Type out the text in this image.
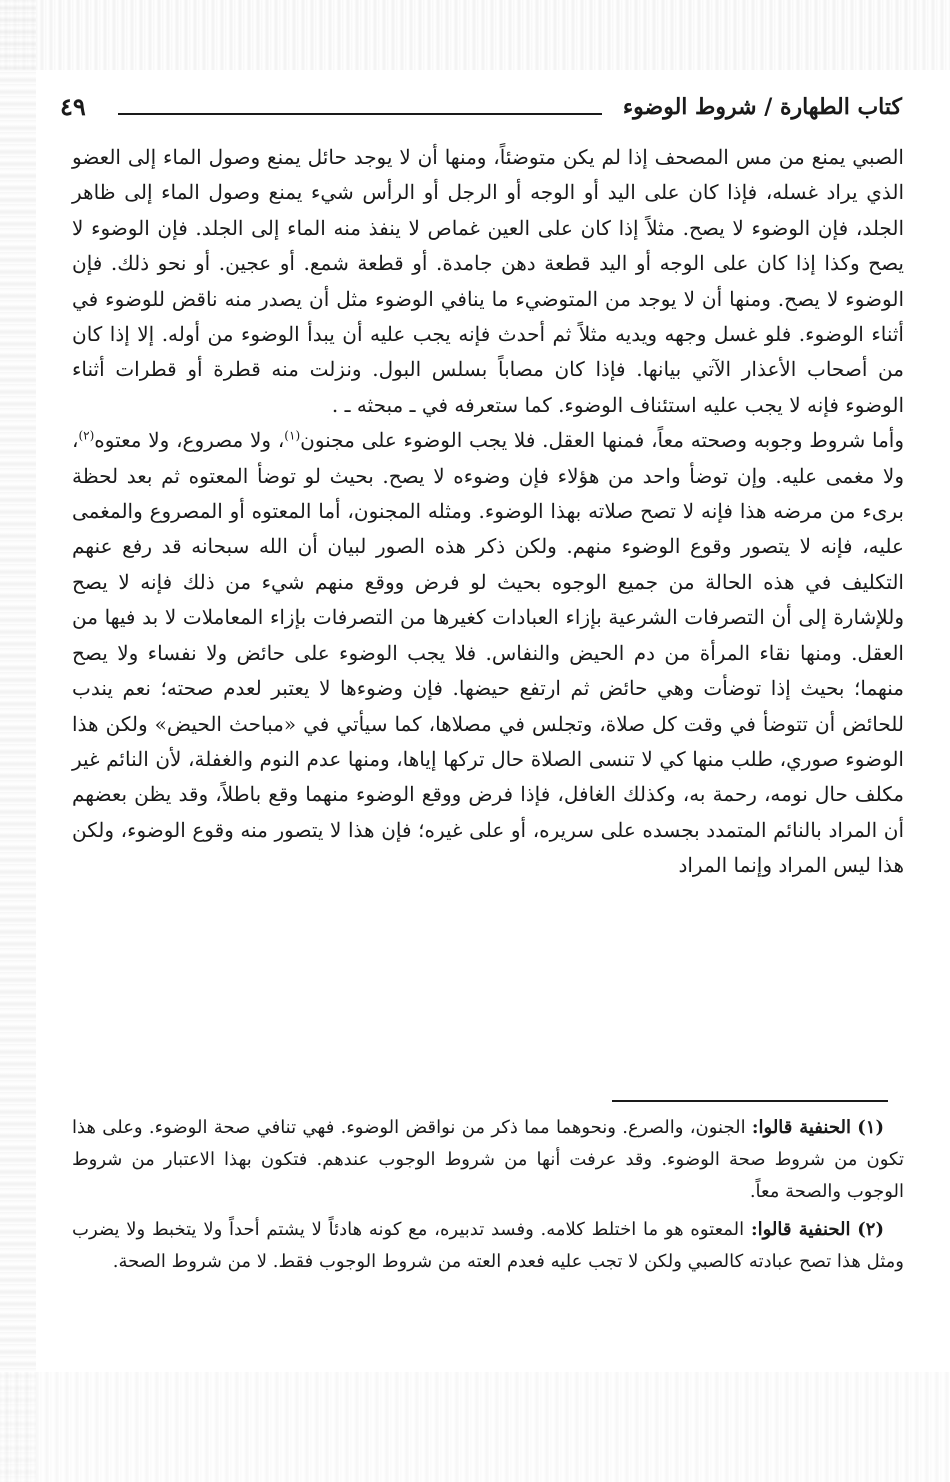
كتاب الطهارة / شروط الوضوء
٤٩

الصبي يمنع من مس المصحف إذا لم يكن متوضئاً، ومنها أن لا يوجد حائل يمنع وصول الماء إلى العضو الذي يراد غسله، فإذا كان على اليد أو الوجه أو الرجل أو الرأس شيء يمنع وصول الماء إلى ظاهر الجلد، فإن الوضوء لا يصح. مثلاً إذا كان على العين غماص لا ينفذ منه الماء إلى الجلد. فإن الوضوء لا يصح وكذا إذا كان على الوجه أو اليد قطعة دهن جامدة. أو قطعة شمع. أو عجين. أو نحو ذلك. فإن الوضوء لا يصح. ومنها أن لا يوجد من المتوضيء ما ينافي الوضوء مثل أن يصدر منه ناقض للوضوء في أثناء الوضوء. فلو غسل وجهه ويديه مثلاً ثم أحدث فإنه يجب عليه أن يبدأ الوضوء من أوله. إلا إذا كان من أصحاب الأعذار الآتي بيانها. فإذا كان مصاباً بسلس البول. ونزلت منه قطرة أو قطرات أثناء الوضوء فإنه لا يجب عليه استئناف الوضوء. كما ستعرفه في ـ مبحثه ـ .

وأما شروط وجوبه وصحته معاً، فمنها العقل. فلا يجب الوضوء على مجنون$^{(١)}$، ولا مصروع، ولا معتوه$^{(٢)}$، ولا مغمى عليه. وإن توضأ واحد من هؤلاء فإن وضوءه لا يصح. بحيث لو توضأ المعتوه ثم بعد لحظة برىء من مرضه هذا فإنه لا تصح صلاته بهذا الوضوء. ومثله المجنون، أما المعتوه أو المصروع والمغمى عليه، فإنه لا يتصور وقوع الوضوء منهم. ولكن ذكر هذه الصور لبيان أن الله سبحانه قد رفع عنهم التكليف في هذه الحالة من جميع الوجوه بحيث لو فرض ووقع منهم شيء من ذلك فإنه لا يصح وللإشارة إلى أن التصرفات الشرعية بإزاء العبادات كغيرها من التصرفات بإزاء المعاملات لا بد فيها من العقل. ومنها نقاء المرأة من دم الحيض والنفاس. فلا يجب الوضوء على حائض ولا نفساء ولا يصح منهما؛ بحيث إذا توضأت وهي حائض ثم ارتفع حيضها. فإن وضوءها لا يعتبر لعدم صحته؛ نعم يندب للحائض أن تتوضأ في وقت كل صلاة، وتجلس في مصلاها، كما سيأتي في «مباحث الحيض» ولكن هذا الوضوء صوري، طلب منها كي لا تنسى الصلاة حال تركها إياها، ومنها عدم النوم والغفلة، لأن النائم غير مكلف حال نومه، رحمة به، وكذلك الغافل، فإذا فرض ووقع الوضوء منهما وقع باطلاً، وقد يظن بعضهم أن المراد بالنائم المتمدد بجسده على سريره، أو على غيره؛ فإن هذا لا يتصور منه وقوع الوضوء، ولكن هذا ليس المراد وإنما المراد

(١) الحنفية قالوا: الجنون، والصرع. ونحوهما مما ذكر من نواقض الوضوء. فهي تنافي صحة الوضوء. وعلى هذا تكون من شروط صحة الوضوء. وقد عرفت أنها من شروط الوجوب عندهم. فتكون بهذا الاعتبار من شروط الوجوب والصحة معاً.

(٢) الحنفية قالوا: المعتوه هو ما اختلط كلامه. وفسد تدبيره، مع كونه هادئاً لا يشتم أحداً ولا يتخبط ولا يضرب ومثل هذا تصح عبادته كالصبي ولكن لا تجب عليه فعدم العته من شروط الوجوب فقط. لا من شروط الصحة.
